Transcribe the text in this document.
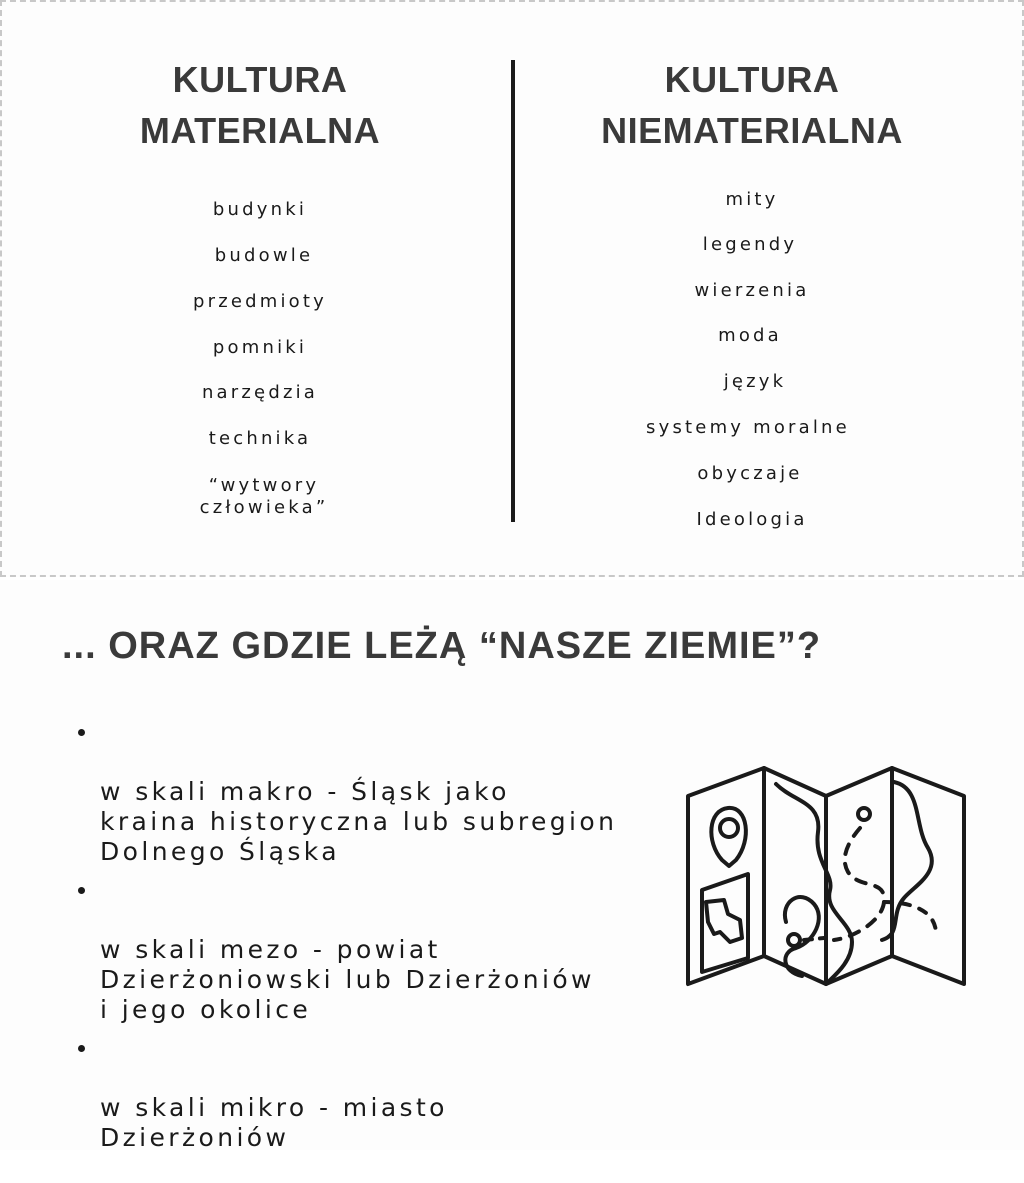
KULTURA
MATERIALNA
budynki
budowle
przedmioty
pomniki
narzędzia
technika
“wytwory
człowieka”
KULTURA
NIEMATERIALNA
mity
legendy
wierzenia
moda
język
systemy moralne
obyczaje
Ideologia
... ORAZ GDZIE LEŻĄ “NASZE ZIEMIE”?

w skali makro - Śląsk jako
kraina historyczna lub subregion
Dolnego Śląska

w skali mezo - powiat
Dzierżoniowski lub Dzierżoniów
i jego okolice

w skali mikro - miasto
Dzierżoniów
